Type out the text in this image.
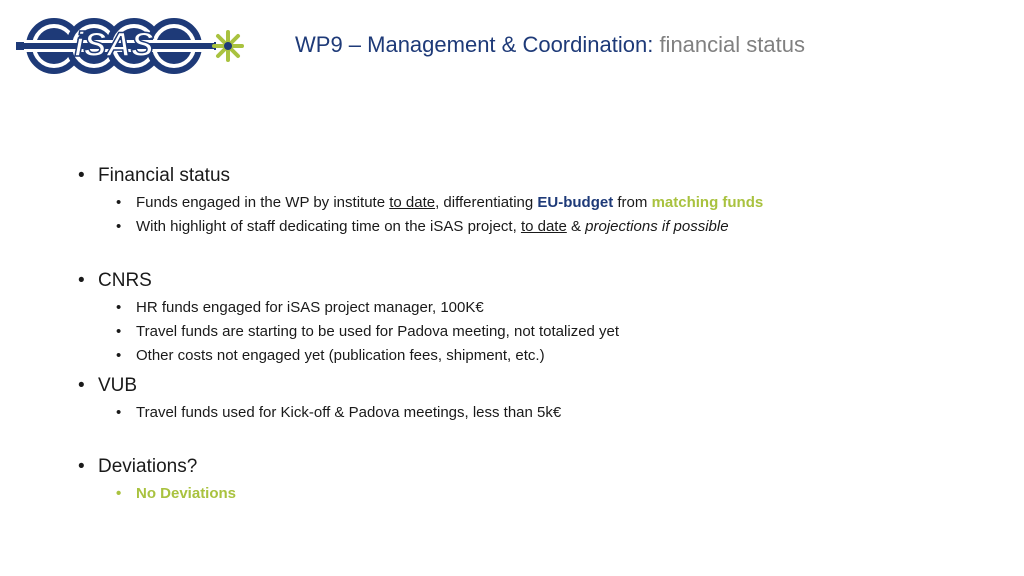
iSAS	WP9 – Management & Coordination: financial status
• Financial status
• Funds engaged in the WP by institute to date, differentiating EU-budget from matching funds
• With highlight of staff dedicating time on the iSAS project, to date & projections if possible
• CNRS
• HR funds engaged for iSAS project manager, 100K€
• Travel funds are starting to be used for Padova meeting, not totalized yet
• Other costs not engaged yet (publication fees, shipment, etc.)
• VUB
• Travel funds used for Kick-off & Padova meetings, less than 5k€
• Deviations?
• No Deviations
